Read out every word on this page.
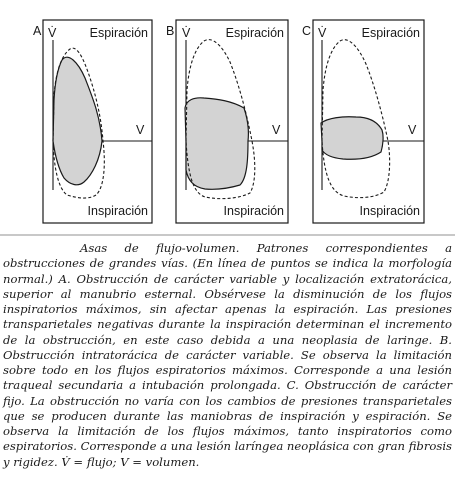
A	Espiración
Inspiración
V̇
V
B	Espiración
Inspiración
V̇
V
C	Espiración
Inspiración
V̇
V
Asas de flujo-volumen. Patrones correspondientes a obstrucciones de grandes vías. (En línea de puntos se indica la morfología normal.) A. Obstrucción de carácter variable y localización extratorácica, superior al manubrio esternal. Obsérvese la disminución de los flujos inspiratorios máximos, sin afectar apenas la espiración. Las presiones transparietales negativas durante la inspiración determinan el incremento de la obstrucción, en este caso debida a una neoplasia de laringe. B. Obstrucción intratorácica de carácter variable. Se observa la limitación sobre todo en los flujos espiratorios máximos. Corresponde a una lesión traqueal secundaria a intubación prolongada. C. Obstrucción de carácter fijo. La obstrucción no varía con los cambios de presiones transparietales que se producen durante las maniobras de inspiración y espiración. Se observa la limitación de los flujos máximos, tanto inspiratorios como espiratorios. Corresponde a una lesión laríngea neoplásica con gran fibrosis y rigidez. V̇ = flujo; V = volumen.
